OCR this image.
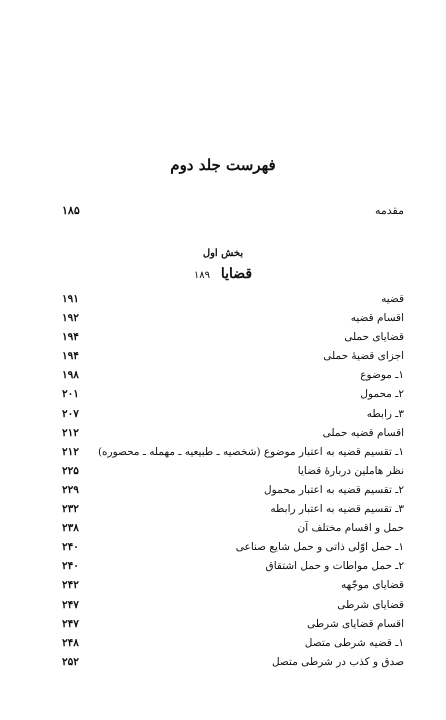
فهرست جلد دوم
مقدمه
۱۸۵
بخش اول
قضایا ۱۸۹
قضیه
۱۹۱
اقسام قضیه
۱۹۲
قضایای حملی
۱۹۴
اجزای قضیهٔ حملی
۱۹۴
۱ـ موضوع
۱۹۸
۲ـ محمول
۲۰۱
۳ـ رابطه
۲۰۷
اقسام قضیه حملی
۲۱۲
۱ـ تقسیم قضیه به اعتبار موضوع (شخصیه ـ طبیعیه ـ مهمله ـ محصوره)
۲۱۲
نظر هاملین دربارهٔ قضایا
۲۲۵
۲ـ تقسیم قضیه به اعتبار محمول
۲۲۹
۳ـ تقسیم قضیه به اعتبار رابطه
۲۳۲
حمل و اقسام مختلف آن
۲۳۸
۱ـ حمل اوّلی ذاتی و حمل شایع صناعی
۲۴۰
۲ـ حمل مواطات و حمل اشتقاق
۲۴۰
قضایای موجّهه
۲۴۲
قضایای شرطی
۲۴۷
اقسام قضایای شرطی
۲۴۷
۱ـ قضیه شرطی متصل
۲۴۸
صدق و کذب در شرطی متصل
۲۵۲
